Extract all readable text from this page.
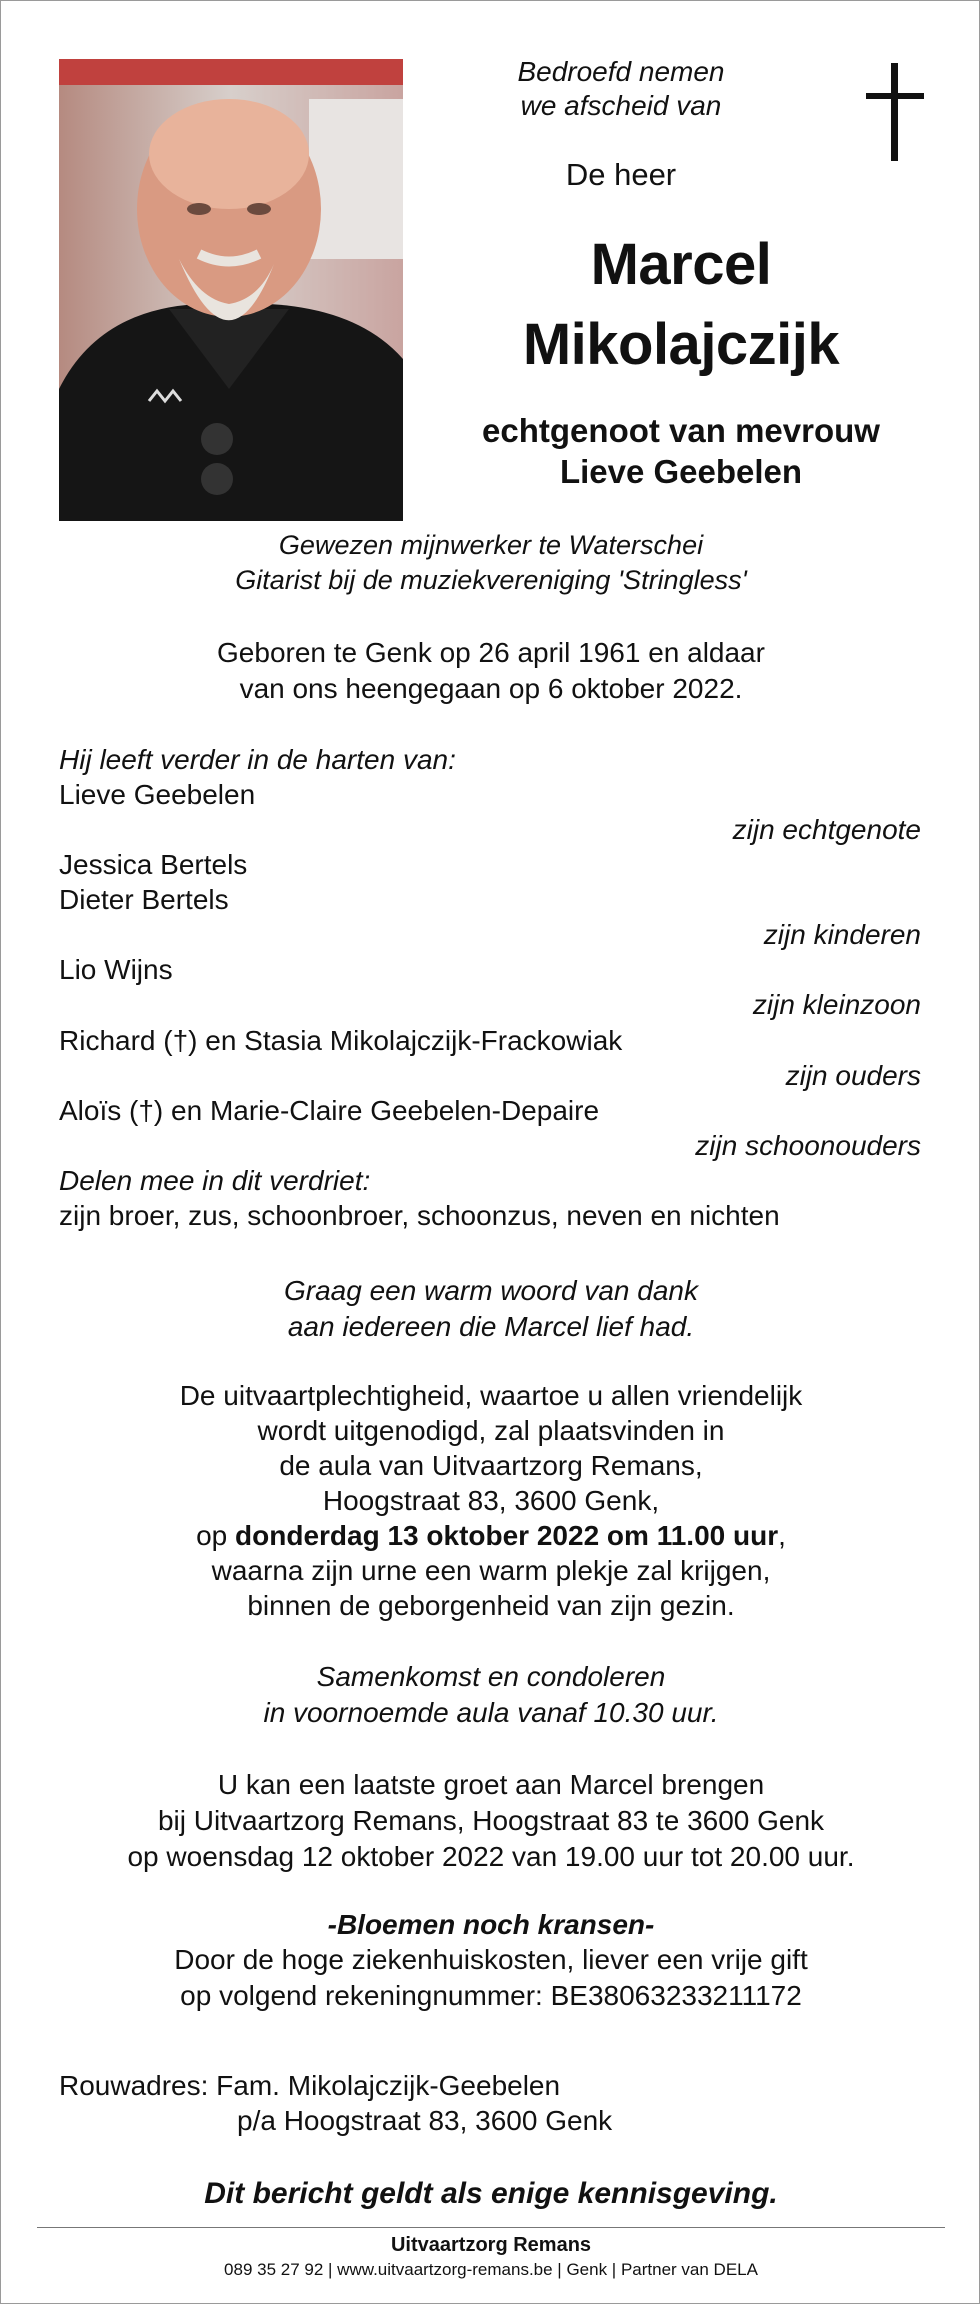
Bedroefd nemen
we afscheid van
De heer
Marcel
Mikolajczijk
echtgenoot van mevrouw
Lieve Geebelen
Gewezen mijnwerker te Waterschei
Gitarist bij de muziekvereniging 'Stringless'
Geboren te Genk op 26 april 1961 en aldaar
van ons heengegaan op 6 oktober 2022.
Hij leeft verder in de harten van:
Lieve Geebelen
zijn echtgenote
Jessica Bertels
Dieter Bertels
zijn kinderen
Lio Wijns
zijn kleinzoon
Richard (†) en Stasia Mikolajczijk-Frackowiak
zijn ouders
Aloïs (†) en Marie-Claire Geebelen-Depaire
zijn schoonouders
Delen mee in dit verdriet:
zijn broer, zus, schoonbroer, schoonzus, neven en nichten
Graag een warm woord van dank
aan iedereen die Marcel lief had.
De uitvaartplechtigheid, waartoe u allen vriendelijk
wordt uitgenodigd, zal plaatsvinden in
de aula van Uitvaartzorg Remans,
Hoogstraat 83, 3600 Genk,
op donderdag 13 oktober 2022 om 11.00 uur,
waarna zijn urne een warm plekje zal krijgen,
binnen de geborgenheid van zijn gezin.
Samenkomst en condoleren
in voornoemde aula vanaf 10.30 uur.
U kan een laatste groet aan Marcel brengen
bij Uitvaartzorg Remans, Hoogstraat 83 te 3600 Genk
op woensdag 12 oktober 2022 van 19.00 uur tot 20.00 uur.
-Bloemen noch kransen-
Door de hoge ziekenhuiskosten, liever een vrije gift
op volgend rekeningnummer: BE38063233211172
Rouwadres: Fam. Mikolajczijk-Geebelen
p/a Hoogstraat 83, 3600 Genk
Dit bericht geldt als enige kennisgeving.
Uitvaartzorg Remans
089 35 27 92 | www.uitvaartzorg-remans.be | Genk | Partner van DELA
